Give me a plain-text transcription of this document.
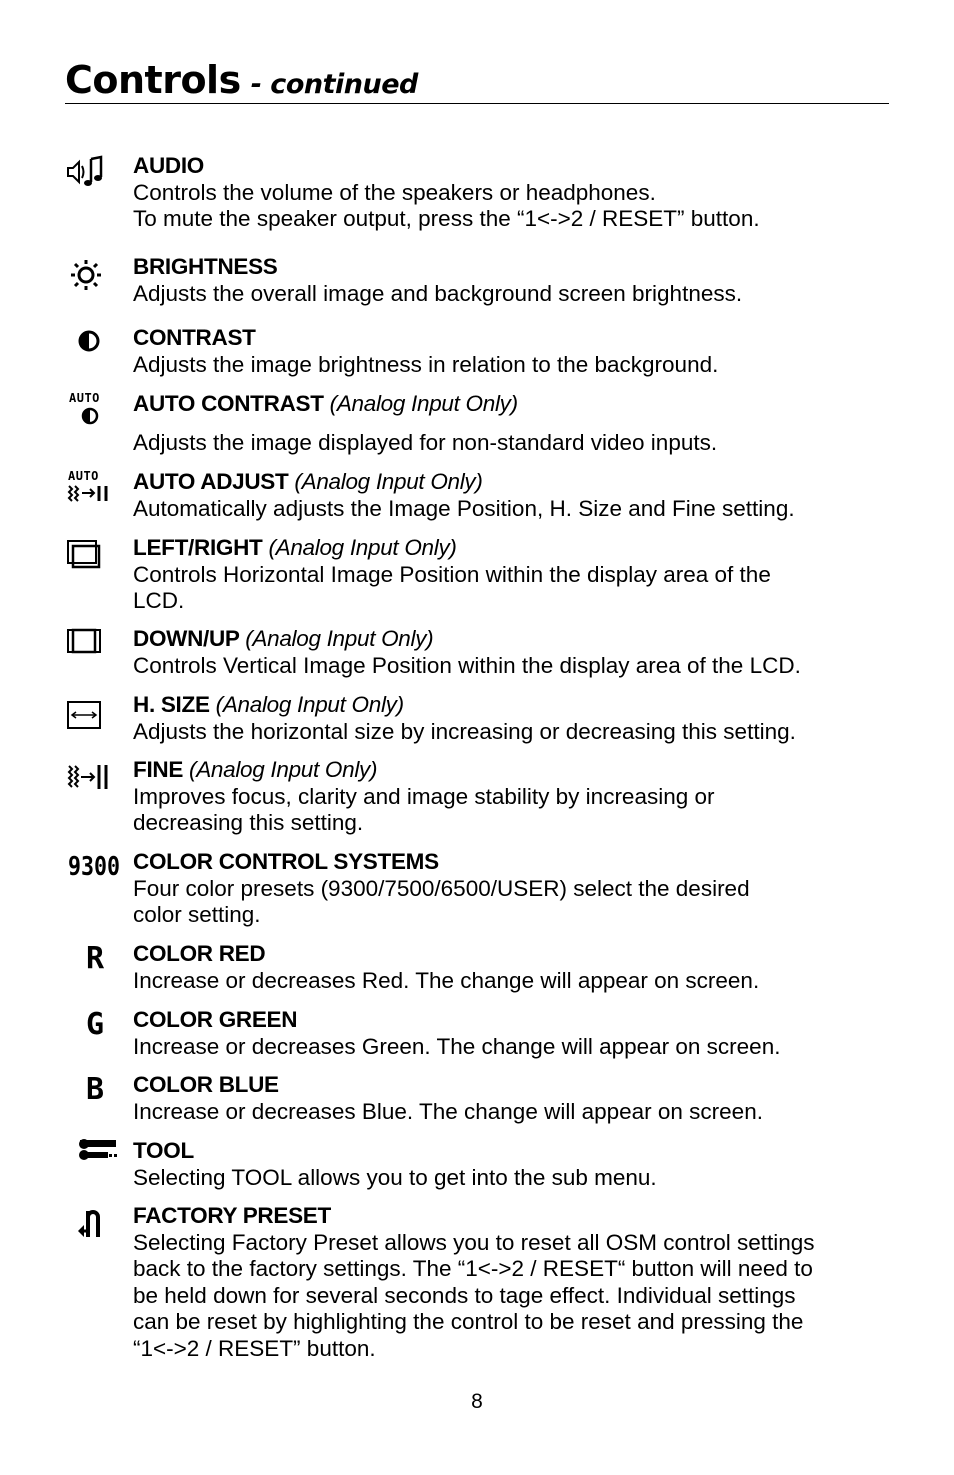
Controls - continued
AUDIO
Controls the volume of the speakers or headphones.
To mute the speaker output, press the “1<->2 / RESET” button.
BRIGHTNESS
Adjusts the overall image and background screen brightness.
CONTRAST
Adjusts the image brightness in relation to the background.
AUTO AUTO CONTRAST (Analog Input Only)
Adjusts the image displayed for non-standard video inputs.
AUTO AUTO ADJUST (Analog Input Only)
Automatically adjusts the Image Position, H. Size and Fine setting.
LEFT/RIGHT (Analog Input Only)
Controls Horizontal Image Position within the display area of the
LCD.
DOWN/UP (Analog Input Only)
Controls Vertical Image Position within the display area of the LCD.
H. SIZE (Analog Input Only)
Adjusts the horizontal size by increasing or decreasing this setting.
FINE (Analog Input Only)
Improves focus, clarity and image stability by increasing or
decreasing this setting.
9300 COLOR CONTROL SYSTEMS
Four color presets (9300/7500/6500/USER) select the desired
color setting.
R COLOR RED
Increase or decreases Red. The change will appear on screen.
G COLOR GREEN
Increase or decreases Green. The change will appear on screen.
B COLOR BLUE
Increase or decreases Blue. The change will appear on screen.
TOOL
Selecting TOOL allows you to get into the sub menu.
FACTORY PRESET
Selecting Factory Preset allows you to reset all OSM control settings
back to the factory settings. The “1<->2 / RESET“ button will need to
be held down for several seconds to tage effect. Individual settings
can be reset by highlighting the control to be reset and pressing the
“1<->2 / RESET” button.
8
